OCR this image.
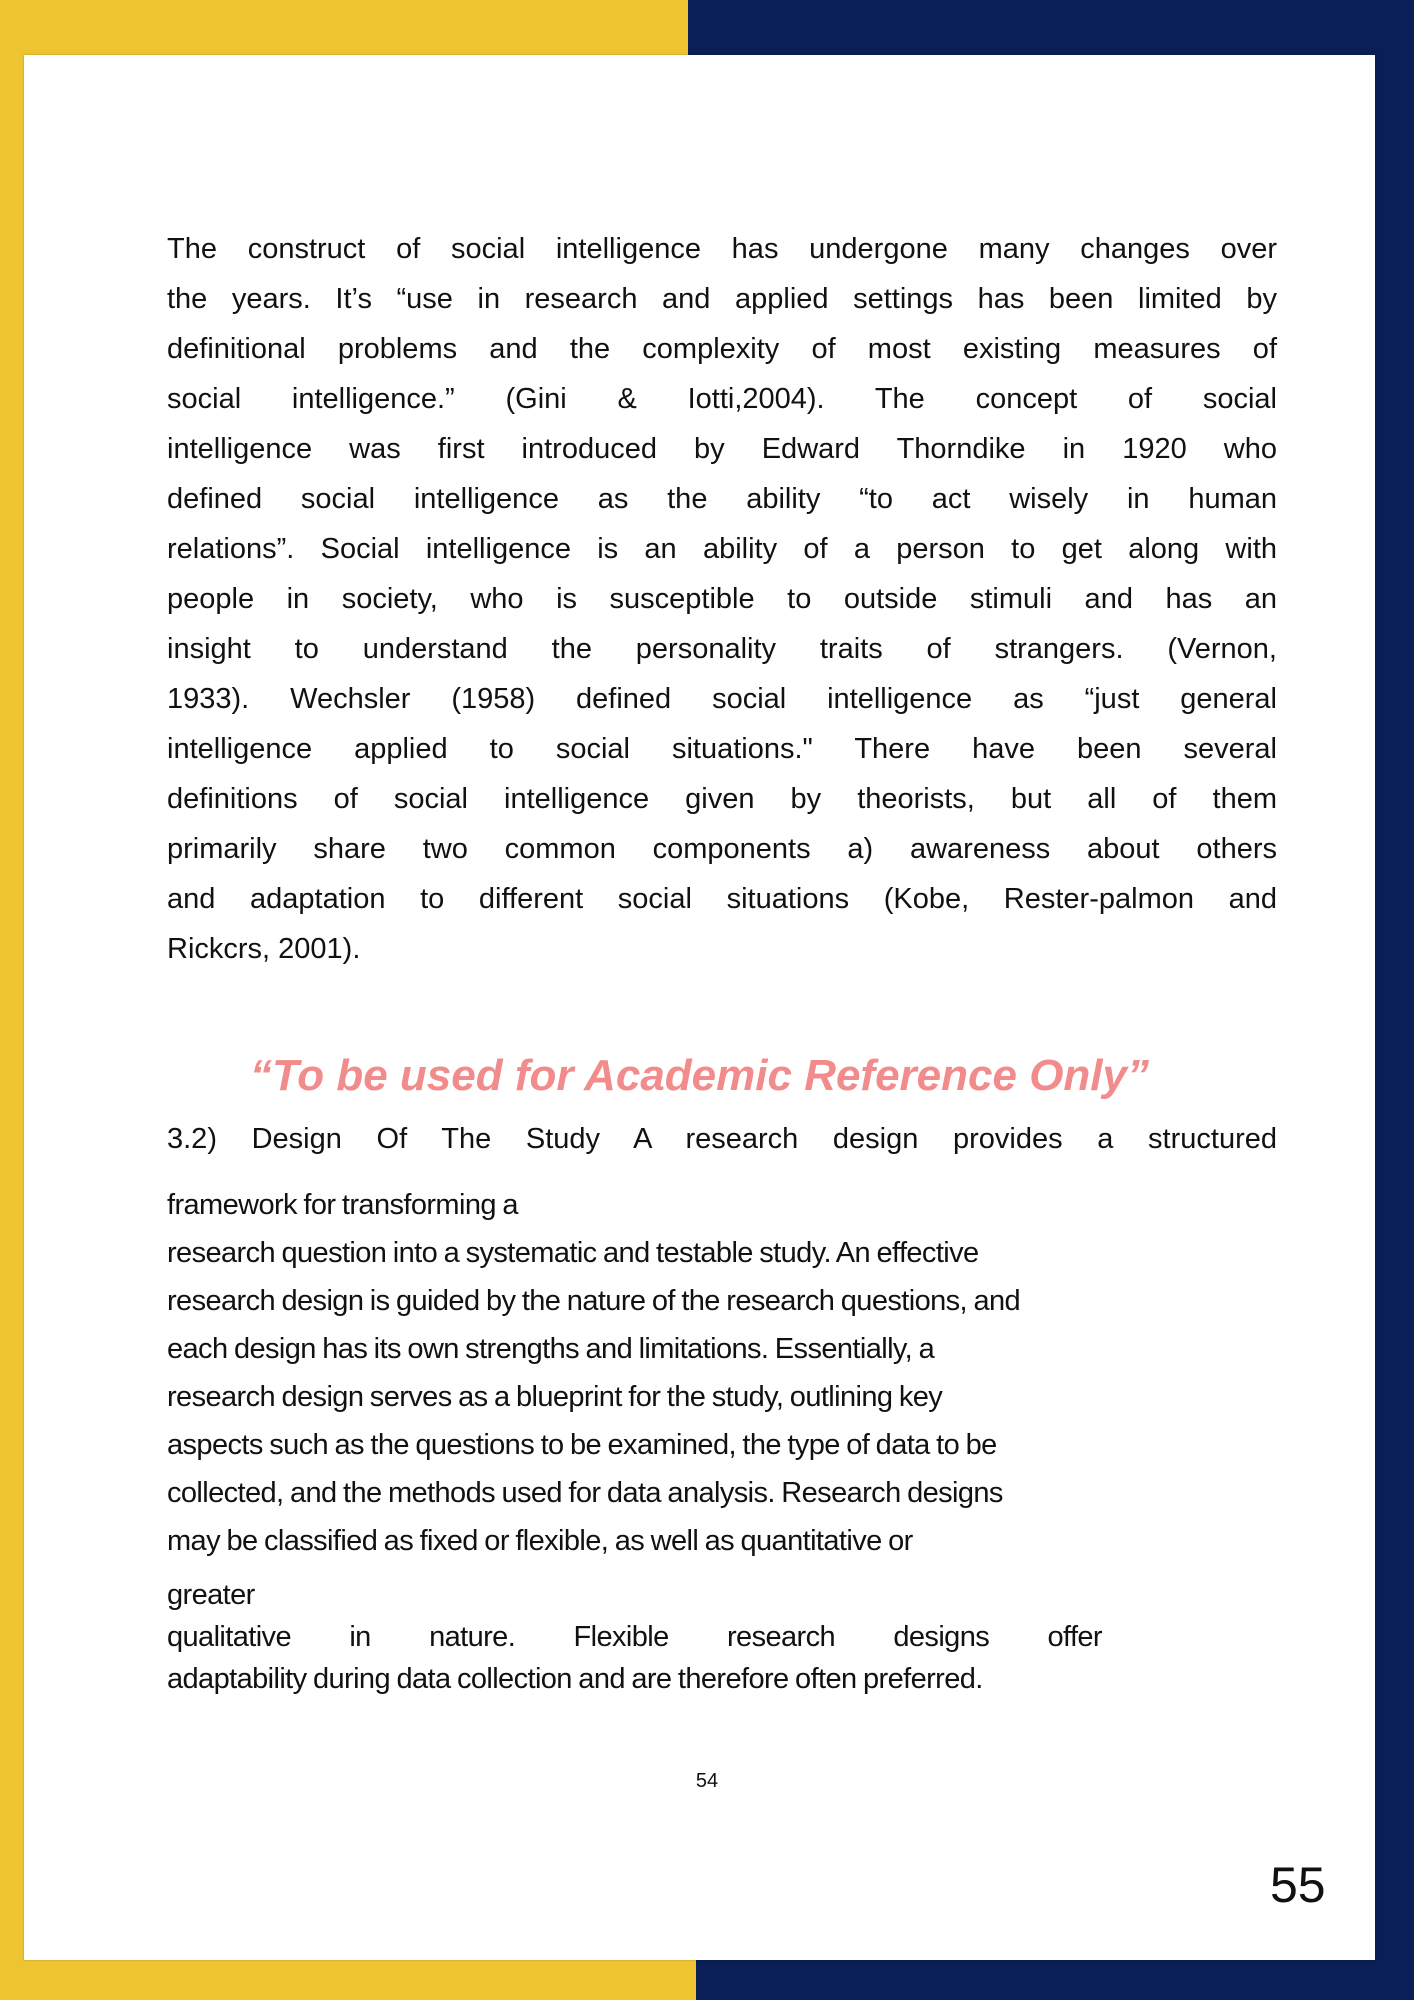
The construct of social intelligence has undergone many changes over
the years. It’s “use in research and applied settings has been limited by
definitional problems and the complexity of most existing measures of
social intelligence.” (Gini & Iotti,2004). The concept of social
intelligence was first introduced by Edward Thorndike in 1920 who
defined social intelligence as the ability “to act wisely in human
relations”. Social intelligence is an ability of a person to get along with
people in society, who is susceptible to outside stimuli and has an
insight to understand the personality traits of strangers. (Vernon,
1933). Wechsler (1958) defined social intelligence as “just general
intelligence applied to social situations." There have been several
definitions of social intelligence given by theorists, but all of them
primarily share two common components a) awareness about others
and adaptation to different social situations (Kobe, Rester-palmon and
Rickcrs, 2001).
“To be used for Academic Reference Only”
3.2) Design Of The Study A research design provides a structured
framework for transforming a
research question into a systematic and testable study. An effective
research design is guided by the nature of the research questions, and
each design has its own strengths and limitations. Essentially, a
research design serves as a blueprint for the study, outlining key
aspects such as the questions to be examined, the type of data to be
collected, and the methods used for data analysis. Research designs
may be classified as fixed or flexible, as well as quantitative or
greater
qualitative in nature. Flexible research designs offer
adaptability during data collection and are therefore often preferred.
54
55
